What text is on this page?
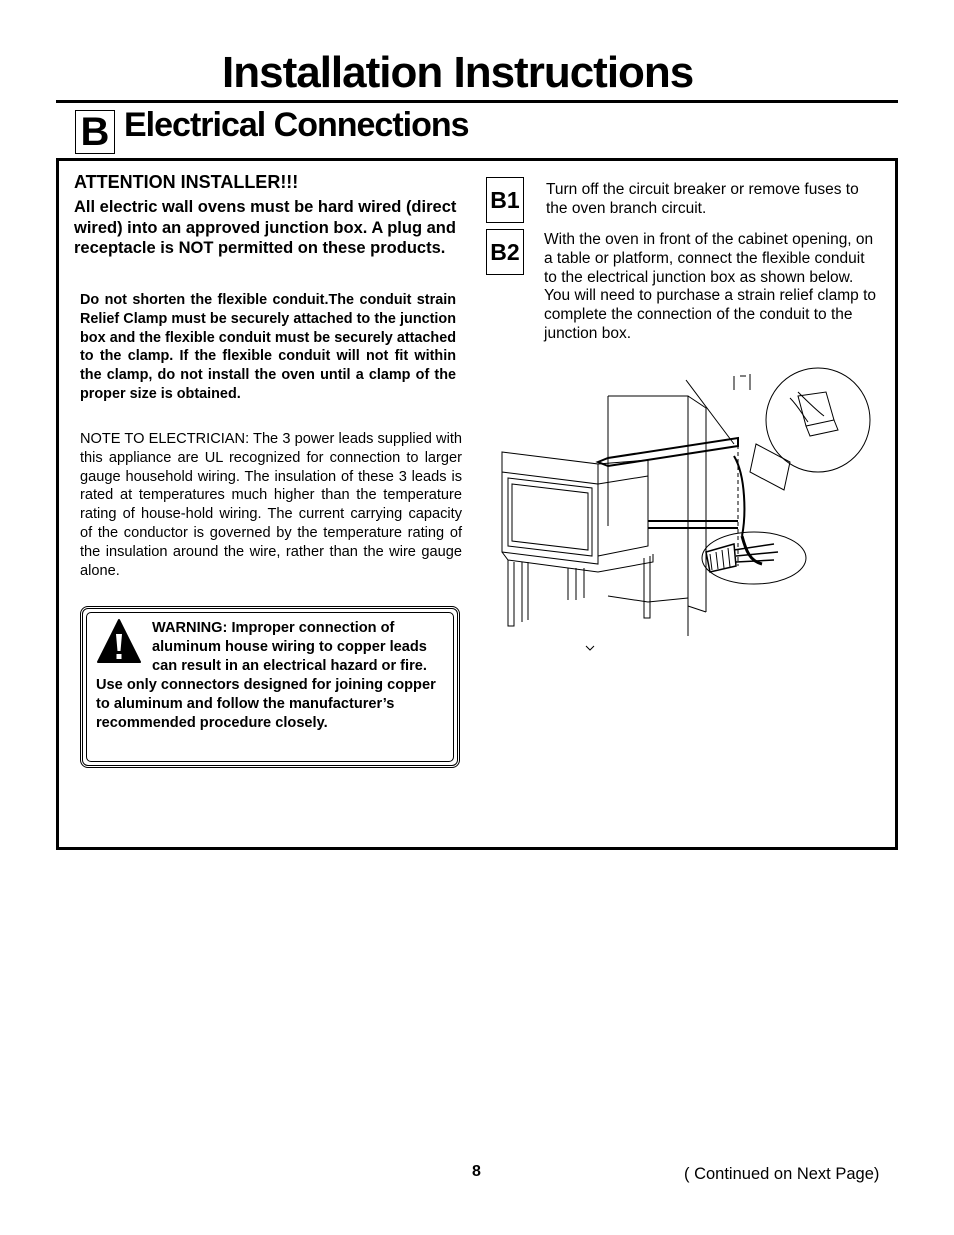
Installation Instructions
B Electrical Connections
ATTENTION INSTALLER!!!
All electric wall ovens must be hard wired (direct wired) into an approved junction box. A plug and receptacle is NOT permitted on these products.
Do not shorten the flexible conduit.The conduit strain Relief Clamp must be securely attached to the junction box and the flexible conduit must be securely attached to the clamp. If the flexible conduit will not fit within the clamp, do not install the oven until a clamp of the proper size is obtained.
NOTE TO ELECTRICIAN: The 3 power leads supplied with this appliance are UL recognized for connection to larger gauge household wiring. The insulation of these 3 leads is rated at temperatures much higher than the temperature rating of house-hold wiring. The current carrying capacity of the conductor is governed by the temperature rating of the insulation around the wire, rather than the wire gauge alone.
WARNING: Improper connection of aluminum house wiring to copper leads can result in an electrical hazard or fire. Use only connectors designed for joining copper to aluminum and follow the manufacturer’s recommended procedure closely.
B1 Turn off the circuit breaker or remove fuses to the oven branch circuit.
B2 With the oven in front of the cabinet opening, on a table or platform, connect the flexible conduit to the electrical junction box as shown below. You will need to purchase a strain relief clamp to complete the connection of the conduit to the junction box.
8	( Continued on Next Page)
